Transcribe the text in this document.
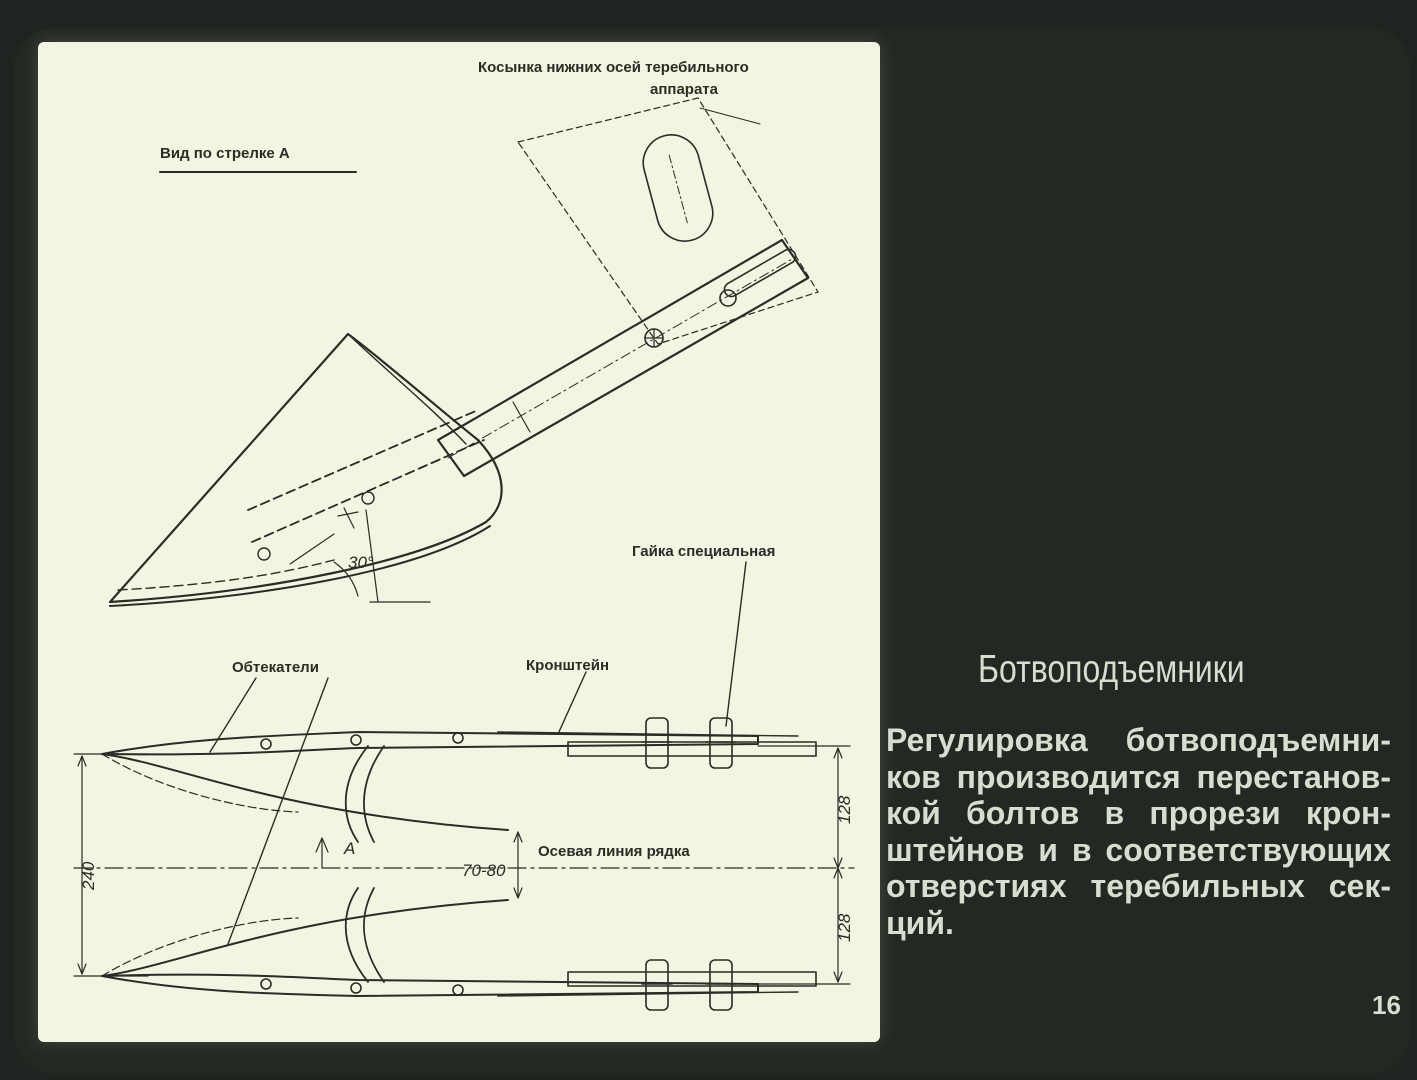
Вид по стрелке А
Косынка нижних осей теребильного
аппарата
30°
Гайка специальная
Обтекатели	Кронштейн
Осевая линия рядка
А
70-80
240
128
128
Ботвоподъемники
Регулировка ботвоподъемни-
ков производится перестанов-
кой болтов в прорези крон-
штейнов и в соответствующих
отверстиях теребильных сек-
ций.
16
